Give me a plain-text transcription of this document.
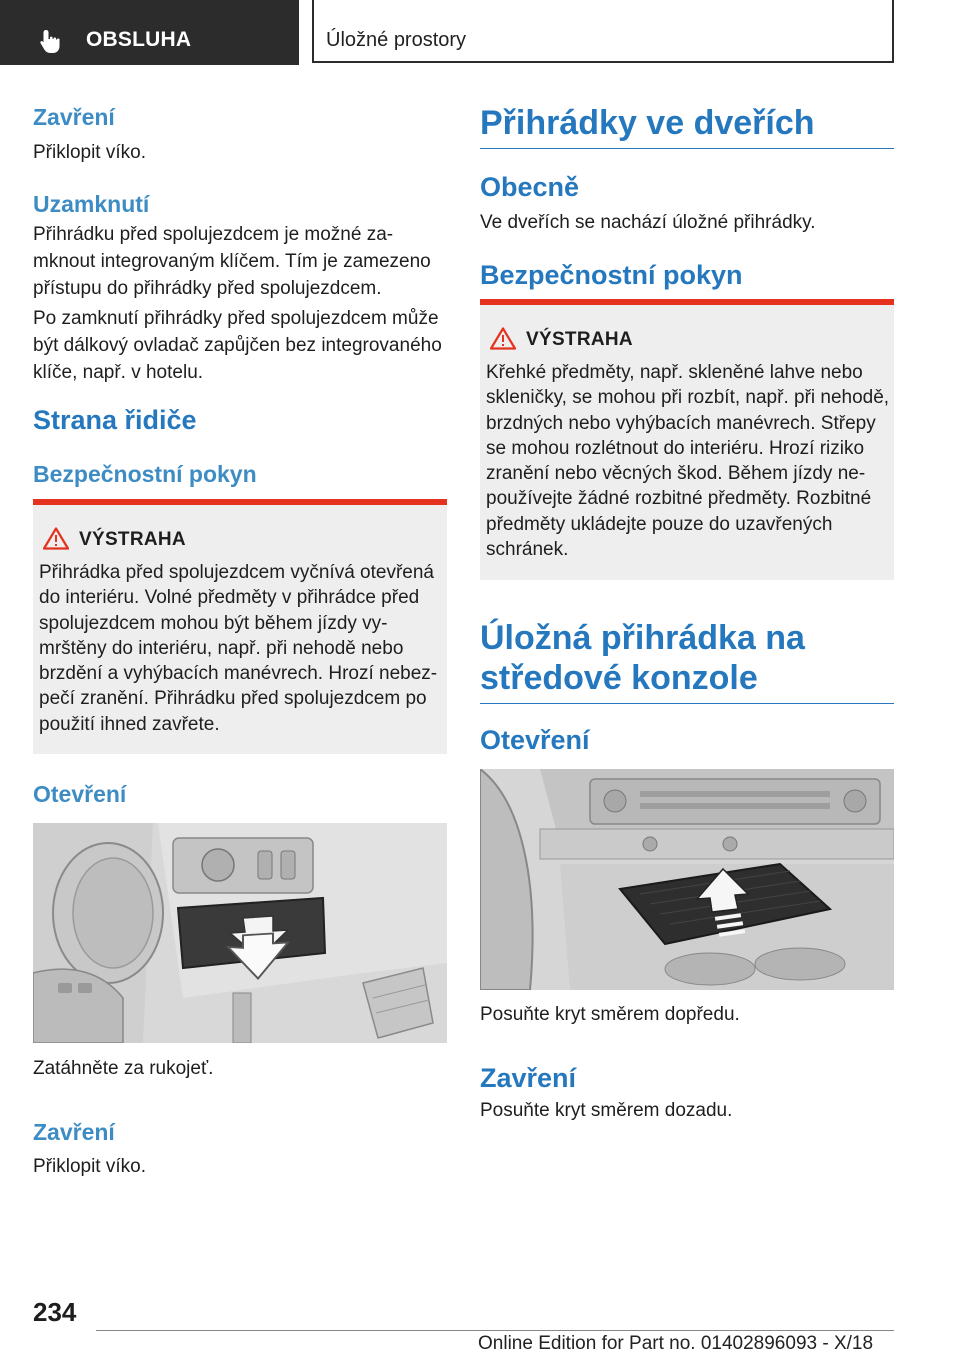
OBSLUHA	Úložné prostory
Zavření

Přiklopit víko.

Uzamknutí

Přihrádku před spolujezdcem je možné za-mknout integrovaným klíčem. Tím je zamezeno přístupu do přihrádky před spolujezdcem.

Po zamknutí přihrádky před spolujezdcem může být dálkový ovladač zapůjčen bez integrovaného klíče, např. v hotelu.

Strana řidiče
Bezpečnostní pokyn
VÝSTRAHA
Přihrádka před spolujezdcem vyčnívá otevřená do interiéru. Volné předměty v přihrádce před spolujezdcem mohou být během jízdy vy-mrštěny do interiéru, např. při nehodě nebo brzdění a vyhýbacích manévrech. Hrozí nebez-pečí zranění. Přihrádku před spolujezdcem po použití ihned zavřete.
Otevření

Zatáhněte za rukojeť.

Zavření

Přiklopit víko.

Přihrádky ve dveřích
Obecně

Ve dveřích se nachází úložné přihrádky.

Bezpečnostní pokyn
VÝSTRAHA
Křehké předměty, např. skleněné lahve nebo skleničky, se mohou při rozbít, např. při nehodě, brzdných nebo vyhýbacích manévrech. Střepy se mohou rozlétnout do interiéru. Hrozí riziko zranění nebo věcných škod. Během jízdy ne-používejte žádné rozbitné předměty. Rozbitné předměty ukládejte pouze do uzavřených schránek.
Úložná přihrádka na středové konzole
Otevření

Posuňte kryt směrem dopředu.

Zavření

Posuňte kryt směrem dozadu.

234
Online Edition for Part no. 01402896093 - X/18
